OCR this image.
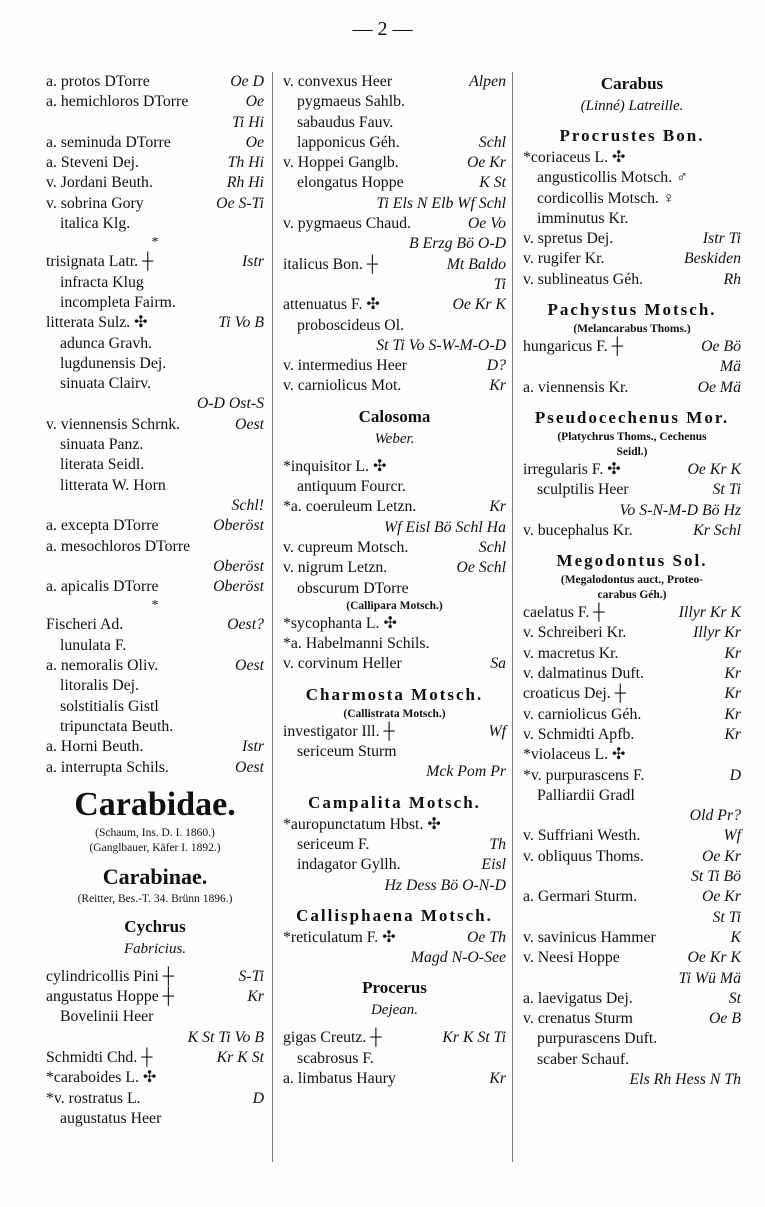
— 2 —
a. protos DTorre	Oe D
a. hemichloros DTorre	Oe
Ti Hi
a. seminuda DTorre	Oe
a. Steveni Dej.	Th Hi
v. Jordani Beuth.	Rh Hi
v. sobrina Gory	Oe S-Ti
italica Klg.
*
trisignata Latr. ┼	Istr
infracta Klug
incompleta Fairm.
litterata Sulz. ✣	Ti Vo B
adunca Gravh.
lugdunensis Dej.
sinuata Clairv.
O-D Ost-S
v. viennensis Schrnk.	Oest
sinuata Panz.
literata Seidl.
litterata W. Horn
Schl!
a. excepta DTorre	Oberöst
a. mesochloros DTorre
Oberöst
a. apicalis DTorre	Oberöst
*
Fischeri Ad.	Oest?
lunulata F.
a. nemoralis Oliv.	Oest
litoralis Dej.
solstitialis Gistl
tripunctata Beuth.
a. Horni Beuth.	Istr
a. interrupta Schils.	Oest
Carabidae.
(Schaum, Ins. D. I. 1860.)
(Ganglbauer, Käfer I. 1892.)
Carabinae.
(Reitter, Bes.-T. 34. Brünn 1896.)
Cychrus
Fabricius.
cylindricollis Pini ┼	S-Ti
angustatus Hoppe ┼	Kr
Bovelinii Heer
K St Ti Vo B
Schmidti Chd. ┼	Kr K St
*caraboides L. ✣
*v. rostratus L.	D
augustatus Heer
v. convexus Heer	Alpen
pygmaeus Sahlb.
sabaudus Fauv.
lapponicus Géh.	Schl
v. Hoppei Ganglb.	Oe Kr
elongatus Hoppe	K St
Ti Els N Elb Wf Schl
v. pygmaeus Chaud.	Oe Vo
B Erzg Bö O-D
italicus Bon. ┼	Mt Baldo
Ti
attenuatus F. ✣	Oe Kr K
proboscideus Ol.
St Ti Vo S-W-M-O-D
v. intermedius Heer	D?
v. carniolicus Mot.	Kr
Calosoma
Weber.
*inquisitor L. ✣
antiquum Fourcr.
*a. coeruleum Letzn.	Kr
Wf Eisl Bö Schl Ha
v. cupreum Motsch.	Schl
v. nigrum Letzn.	Oe Schl
obscurum DTorre
(Callipara Motsch.)
*sycophanta L. ✣
*a. Habelmanni Schils.
v. corvinum Heller	Sa
Charmosta Motsch.
(Callistrata Motsch.)
investigator Ill. ┼	Wf
sericeum Sturm
Mck Pom Pr
Campalita Motsch.
*auropunctatum Hbst. ✣
sericeum F.	Th
indagator Gyllh.	Eisl
Hz Dess Bö O-N-D
Callisphaena Motsch.
*reticulatum F. ✣	Oe Th
Magd N-O-See
Procerus
Dejean.
gigas Creutz. ┼	Kr K St Ti
scabrosus F.
a. limbatus Haury	Kr
Carabus
(Linné) Latreille.
Procrustes Bon.
*coriaceus L. ✣
angusticollis Motsch. ♂
cordicollis Motsch. ♀
imminutus Kr.
v. spretus Dej.	Istr Ti
v. rugifer Kr.	Beskiden
v. sublineatus Géh.	Rh
Pachystus Motsch.
(Melancarabus Thoms.)
hungaricus F. ┼	Oe Bö
Mä
a. viennensis Kr.	Oe Mä
Pseudocechenus Mor.
(Platychrus Thoms., Cechenus
Seidl.)
irregularis F. ✣	Oe Kr K
sculptilis Heer	St Ti
Vo S-N-M-D Bö Hz
v. bucephalus Kr.	Kr Schl
Megodontus Sol.
(Megalodontus auct., Proteo-
carabus Géh.)
caelatus F. ┼	Illyr Kr K
v. Schreiberi Kr.	Illyr Kr
v. macretus Kr.	Kr
v. dalmatinus Duft.	Kr
croaticus Dej. ┼	Kr
v. carniolicus Géh.	Kr
v. Schmidti Apfb.	Kr
*violaceus L. ✣
*v. purpurascens F.	D
Palliardii Gradl
Old Pr?
v. Suffriani Westh.	Wf
v. obliquus Thoms.	Oe Kr
St Ti Bö
a. Germari Sturm.	Oe Kr
St Ti
v. savinicus Hammer	K
v. Neesi Hoppe	Oe Kr K
Ti Wü Mä
a. laevigatus Dej.	St
v. crenatus Sturm	Oe B
purpurascens Duft.
scaber Schauf.
Els Rh Hess N Th
